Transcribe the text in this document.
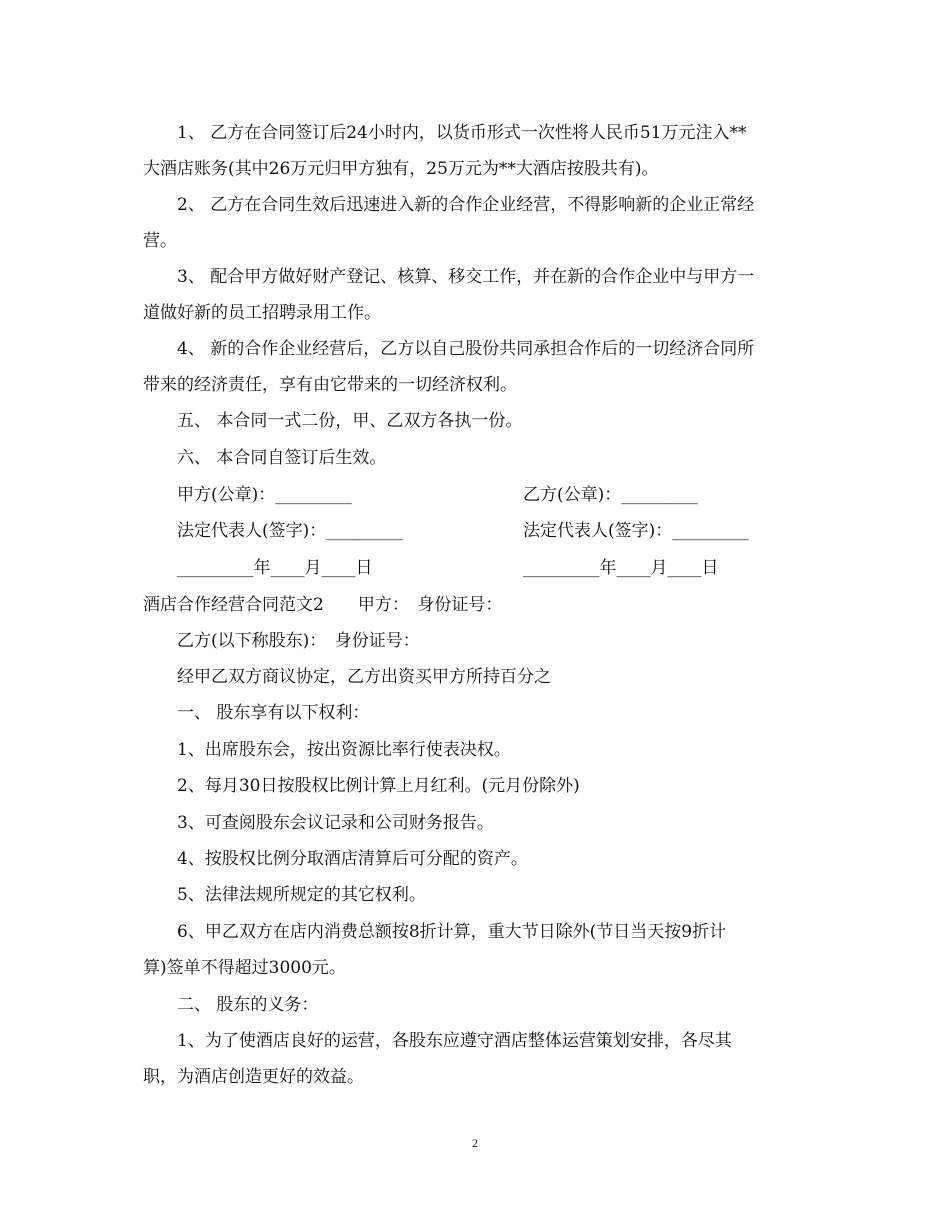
1、 乙方在合同签订后24小时内，以货币形式一次性将人民币51万元注入**
大酒店账务(其中26万元归甲方独有，25万元为**大酒店按股共有)。
2、 乙方在合同生效后迅速进入新的合作企业经营，不得影响新的企业正常经
营。
3、 配合甲方做好财产登记、核算、移交工作，并在新的合作企业中与甲方一
道做好新的员工招聘录用工作。
4、 新的合作企业经营后，乙方以自己股份共同承担合作后的一切经济合同所
带来的经济责任，享有由它带来的一切经济权利。
五、 本合同一式二份，甲、乙双方各执一份。
六、 本合同自签订后生效。
甲方(公章)：_________	乙方(公章)：_________
法定代表人(签字)：_________	法定代表人(签字)：_________
_________年____月____日	_________年____月____日
酒店合作经营合同范文2　　甲方：　身份证号：
乙方(以下称股东)：　身份证号：
经甲乙双方商议协定，乙方出资买甲方所持百分之
一、 股东享有以下权利：
1、出席股东会，按出资源比率行使表决权。
2、每月30日按股权比例计算上月红利。(元月份除外)
3、可查阅股东会议记录和公司财务报告。
4、按股权比例分取酒店清算后可分配的资产。
5、法律法规所规定的其它权利。
6、甲乙双方在店内消费总额按8折计算，重大节日除外(节日当天按9折计
算)签单不得超过3000元。
二、 股东的义务：
1、为了使酒店良好的运营，各股东应遵守酒店整体运营策划安排，各尽其
职，为酒店创造更好的效益。
2
